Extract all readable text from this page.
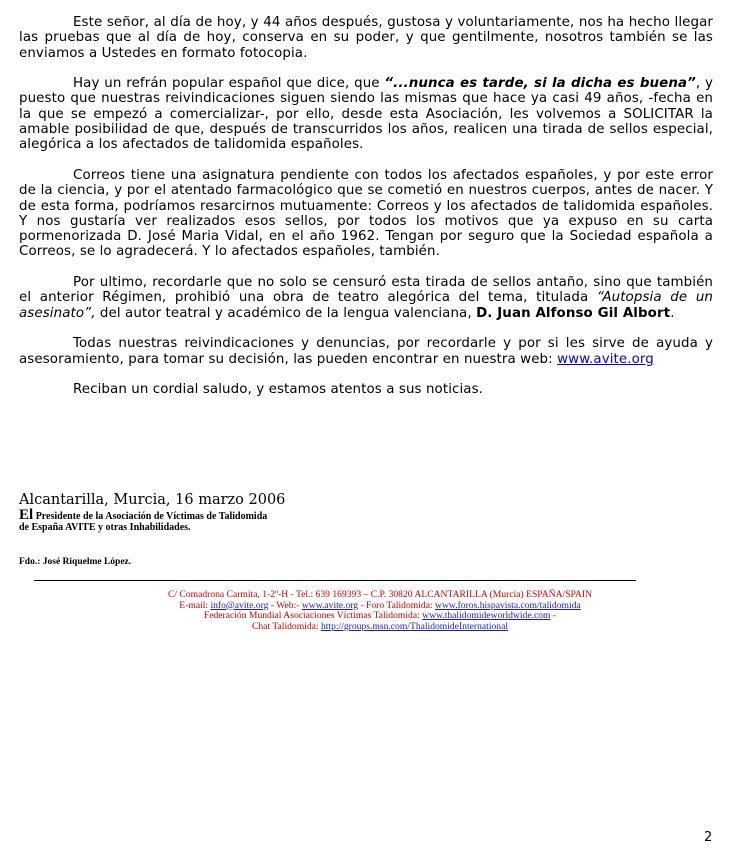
Este señor, al día de hoy, y 44 años después, gustosa y voluntariamente, nos ha hecho llegar las pruebas que al día de hoy, conserva en su poder, y que gentilmente, nosotros también se las enviamos a Ustedes en formato fotocopia.

Hay un refrán popular español que dice, que “...nunca es tarde, si la dicha es buena”, y puesto que nuestras reivindicaciones siguen siendo las mismas que hace ya casi 49 años, -fecha en la que se empezó a comercializar-, por ello, desde esta Asociación, les volvemos a SOLICITAR la amable posibilidad de que, después de transcurridos los años, realicen una tirada de sellos especial, alegórica a los afectados de talidomida españoles.

Correos tiene una asignatura pendiente con todos los afectados españoles, y por este error de la ciencia, y por el atentado farmacológico que se cometió en nuestros cuerpos, antes de nacer. Y de esta forma, podríamos resarcirnos mutuamente: Correos y los afectados de talidomida españoles. Y nos gustaría ver realizados esos sellos, por todos los motivos que ya expuso en su carta pormenorizada D. José Maria Vidal, en el año 1962. Tengan por seguro que la Sociedad española a Correos, se lo agradecerá. Y lo afectados españoles, también.

Por ultimo, recordarle que no solo se censuró esta tirada de sellos antaño, sino que también el anterior Régimen, prohibió una obra de teatro alegórica del tema, titulada “Autopsia de un asesinato”, del autor teatral y académico de la lengua valenciana, D. Juan Alfonso Gil Albort.

Todas nuestras reivindicaciones y denuncias, por recordarle y por si les sirve de ayuda y asesoramiento, para tomar su decisión, las pueden encontrar en nuestra web: www.avite.org

Reciban un cordial saludo, y estamos atentos a sus noticias.

Alcantarilla, Murcia, 16 marzo 2006
El Presidente de la Asociación de Víctimas de Talidomida
de España AVITE y otras Inhabilidades.
Fdo.: José Riquelme López.
C/ Comadrona Carmita, 1-2º-H - Tel.: 639 169393 – C.P. 30820 ALCANTARILLA (Murcia) ESPAÑA/SPAIN
E-mail: info@avite.org - Web:- www.avite.org - Foro Talidomida: www.foros.hispavista.com/talidomida
Federación Mundial Asociaciones Víctimas Talidomida: www.thalidomideworldwide.com -
Chat Talidomida: http://groups.msn.com/ThalidomideInternational
2
